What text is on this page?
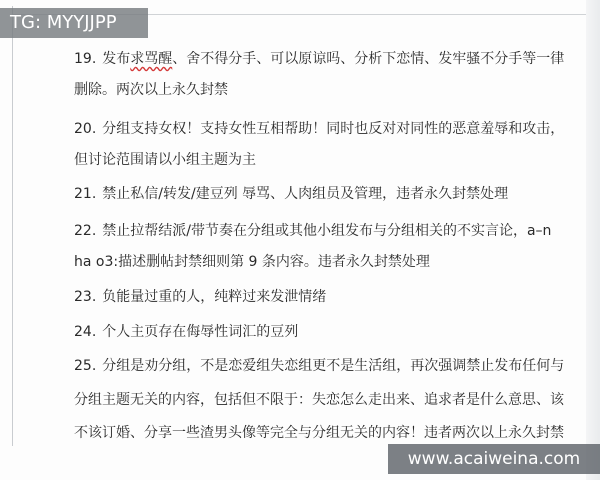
19. 发布求骂醒、舍不得分手、可以原谅吗、分析下恋情、发牢骚不分手等一律
删除。两次以上永久封禁
20. 分组支持女权！支持女性互相帮助！同时也反对对同性的恶意羞辱和攻击，
但讨论范围请以小组主题为主
21. 禁止私信/转发/建豆列 辱骂、人肉组员及管理，违者永久封禁处理
22. 禁止拉帮结派/带节奏在分组或其他小组发布与分组相关的不实言论，a–n
ha o3:描述删帖封禁细则第 9 条内容。违者永久封禁处理
23. 负能量过重的人，纯粹过来发泄情绪
24. 个人主页存在侮辱性词汇的豆列
25. 分组是劝分组，不是恋爱组失恋组更不是生活组，再次强调禁止发布任何与
分组主题无关的内容，包括但不限于：失恋怎么走出来、追求者是什么意思、该
不该订婚、分享一些渣男头像等完全与分组无关的内容！违者两次以上永久封禁
TG: MYYJJPP
www.acaiweina.com
